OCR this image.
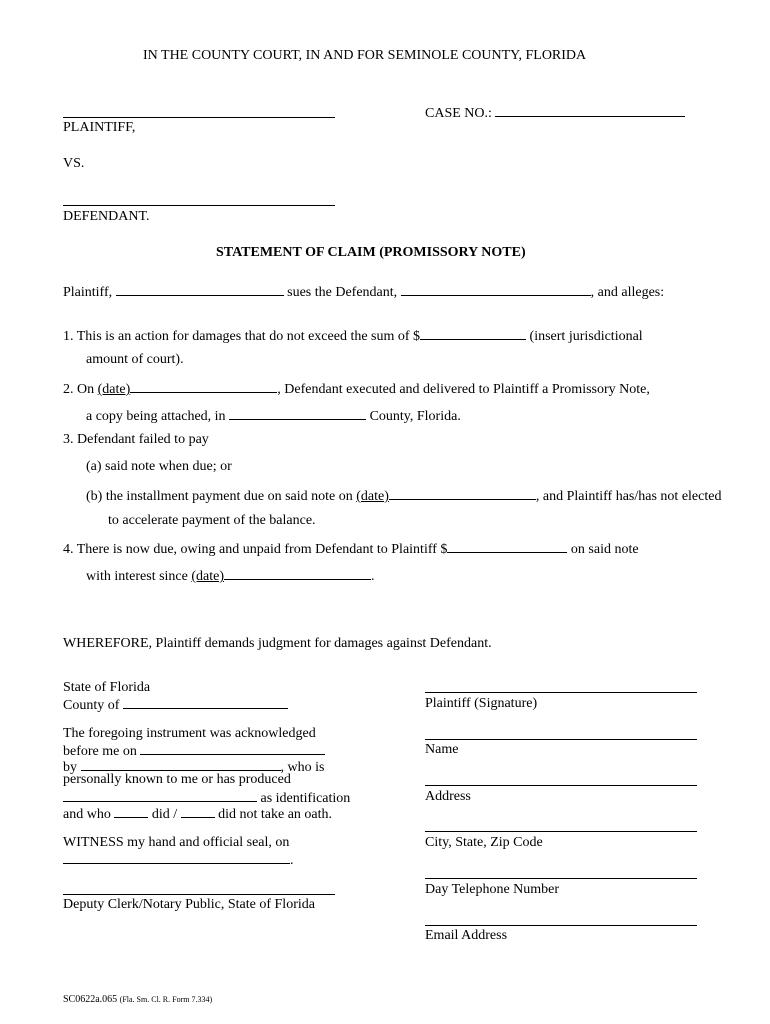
IN THE COUNTY COURT, IN AND FOR SEMINOLE COUNTY, FLORIDA
CASE NO.:
PLAINTIFF,
VS.
DEFENDANT.
STATEMENT OF CLAIM (PROMISSORY NOTE)
Plaintiff,	sues the Defendant,	, and alleges:
1. This is an action for damages that do not exceed the sum of $	(insert jurisdictional
amount of court).
2. On (date)	, Defendant executed and delivered to Plaintiff a Promissory Note,
a copy being attached, in	County, Florida.
3. Defendant failed to pay
(a) said note when due; or
(b) the installment payment due on said note on (date)	, and Plaintiff has/has not elected
to accelerate payment of the balance.
4. There is now due, owing and unpaid from Defendant to Plaintiff $	on said note
with interest since (date)	.
WHEREFORE, Plaintiff demands judgment for damages against Defendant.
State of Florida
County of
The foregoing instrument was acknowledged
before me on
by	, who is
personally known to me or has produced
as identification
and who	did /	did not take an oath.
WITNESS my hand and official seal, on
.
Deputy Clerk/Notary Public, State of Florida
Plaintiff (Signature)
Name
Address
City, State, Zip Code
Day Telephone Number
Email Address
SC0622a.065 (Fla. Sm. Cl. R. Form 7.334)
